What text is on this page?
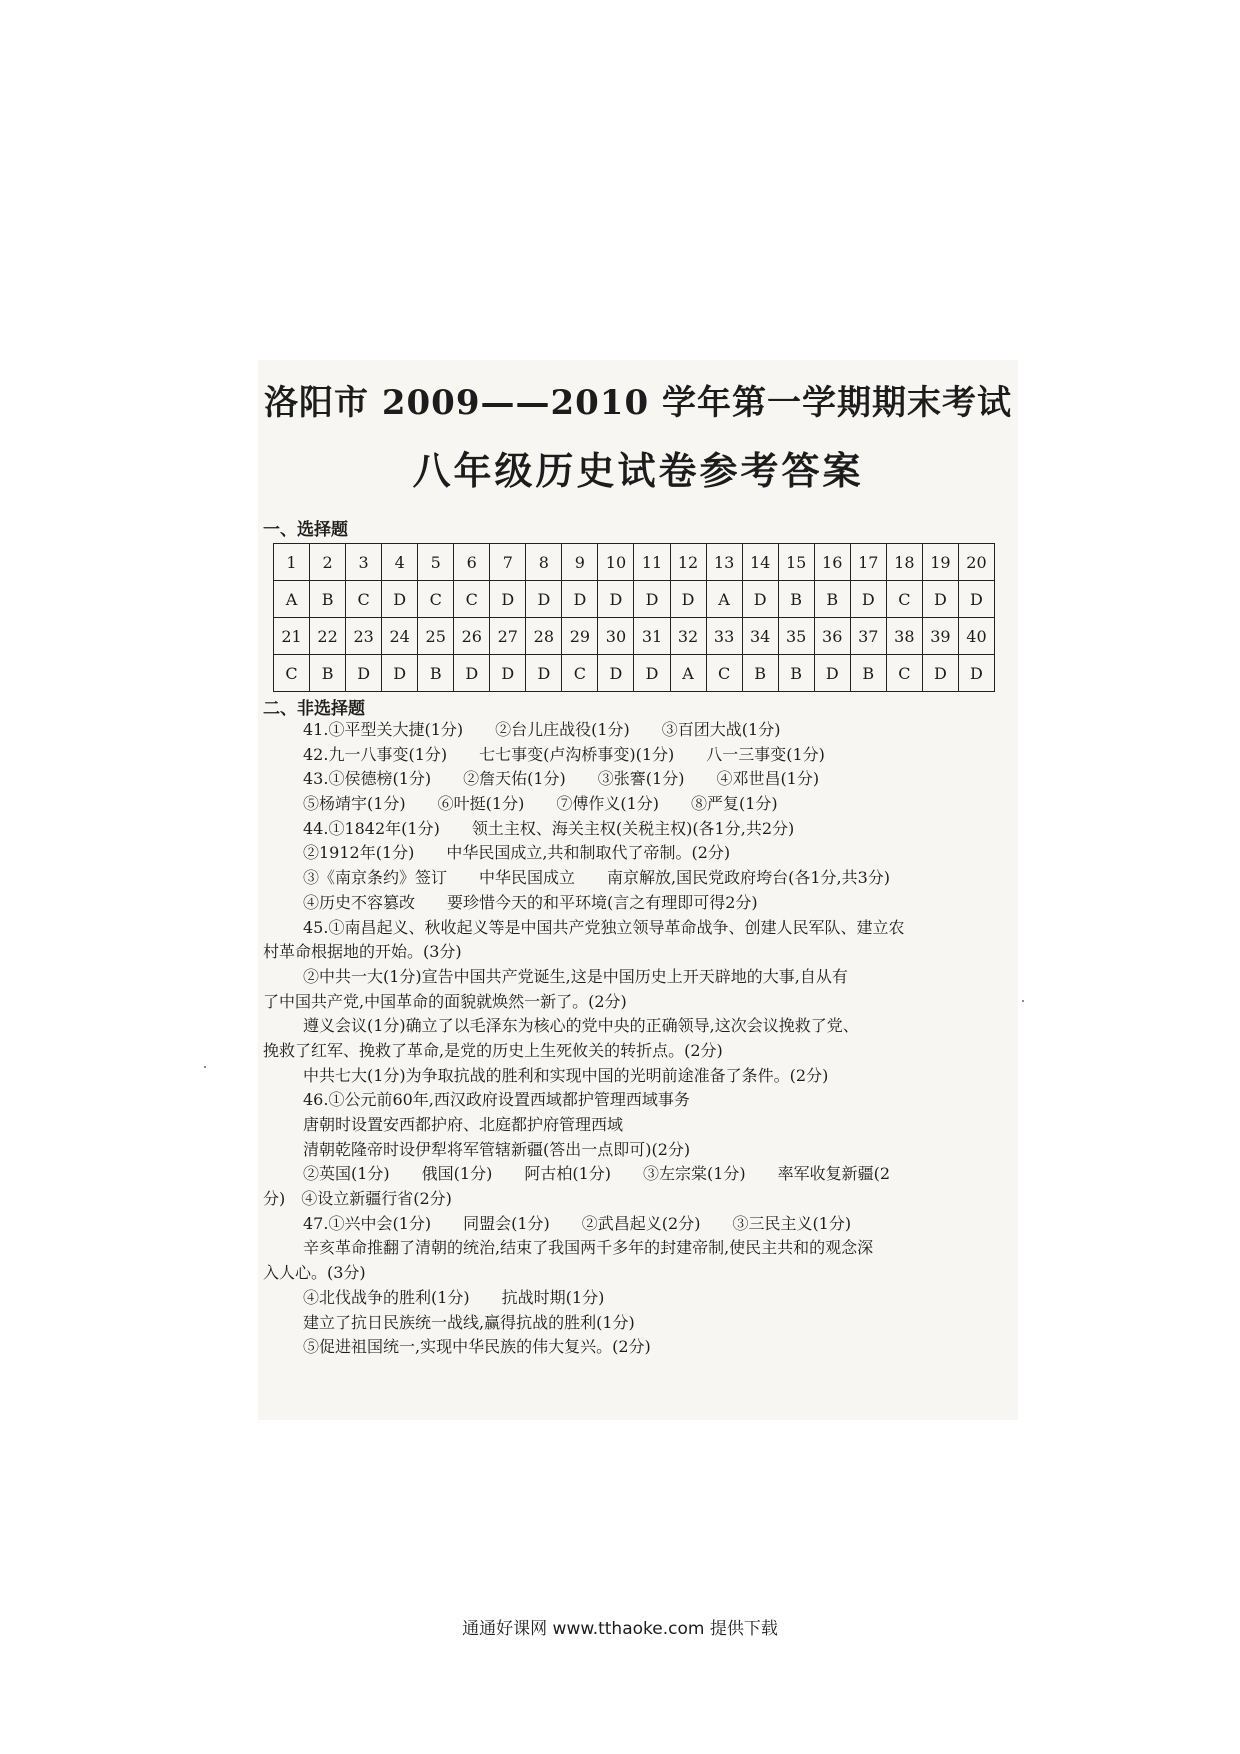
洛阳市 2009——2010 学年第一学期期末考试
八年级历史试卷参考答案

一、选择题

1	2	3	4	5	6	7	8	9	10	11	12	13	14	15	16	17	18	19	20
A	B	C	D	C	C	D	D	D	D	D	D	A	D	B	B	D	C	D	D
21	22	23	24	25	26	27	28	29	30	31	32	33	34	35	36	37	38	39	40
C	B	D	D	B	D	D	D	C	D	D	A	C	B	B	D	B	C	D	D

二、非选择题

41.①平型关大捷(1分)　　②台儿庄战役(1分)　　③百团大战(1分)

42.九一八事变(1分)　　七七事变(卢沟桥事变)(1分)　　八一三事变(1分)

43.①侯德榜(1分)　　②詹天佑(1分)　　③张謇(1分)　　④邓世昌(1分)

⑤杨靖宇(1分)　　⑥叶挺(1分)　　⑦傅作义(1分)　　⑧严复(1分)

44.①1842年(1分)　　领土主权、海关主权(关税主权)(各1分,共2分)

②1912年(1分)　　中华民国成立,共和制取代了帝制。(2分)

③《南京条约》签订　　中华民国成立　　南京解放,国民党政府垮台(各1分,共3分)

④历史不容篡改　　要珍惜今天的和平环境(言之有理即可得2分)

45.①南昌起义、秋收起义等是中国共产党独立领导革命战争、创建人民军队、建立农

村革命根据地的开始。(3分)

②中共一大(1分)宣告中国共产党诞生,这是中国历史上开天辟地的大事,自从有

了中国共产党,中国革命的面貌就焕然一新了。(2分)

遵义会议(1分)确立了以毛泽东为核心的党中央的正确领导,这次会议挽救了党、

挽救了红军、挽救了革命,是党的历史上生死攸关的转折点。(2分)

中共七大(1分)为争取抗战的胜利和实现中国的光明前途准备了条件。(2分)

46.①公元前60年,西汉政府设置西域都护管理西域事务

唐朝时设置安西都护府、北庭都护府管理西域

清朝乾隆帝时设伊犁将军管辖新疆(答出一点即可)(2分)

②英国(1分)　　俄国(1分)　　阿古柏(1分)　　③左宗棠(1分)　　率军收复新疆(2

分)　④设立新疆行省(2分)

47.①兴中会(1分)　　同盟会(1分)　　②武昌起义(2分)　　③三民主义(1分)

辛亥革命推翻了清朝的统治,结束了我国两千多年的封建帝制,使民主共和的观念深

入人心。(3分)

④北伐战争的胜利(1分)　　抗战时期(1分)

建立了抗日民族统一战线,赢得抗战的胜利(1分)

⑤促进祖国统一,实现中华民族的伟大复兴。(2分)

通通好课网 www.tthaoke.com 提供下载
